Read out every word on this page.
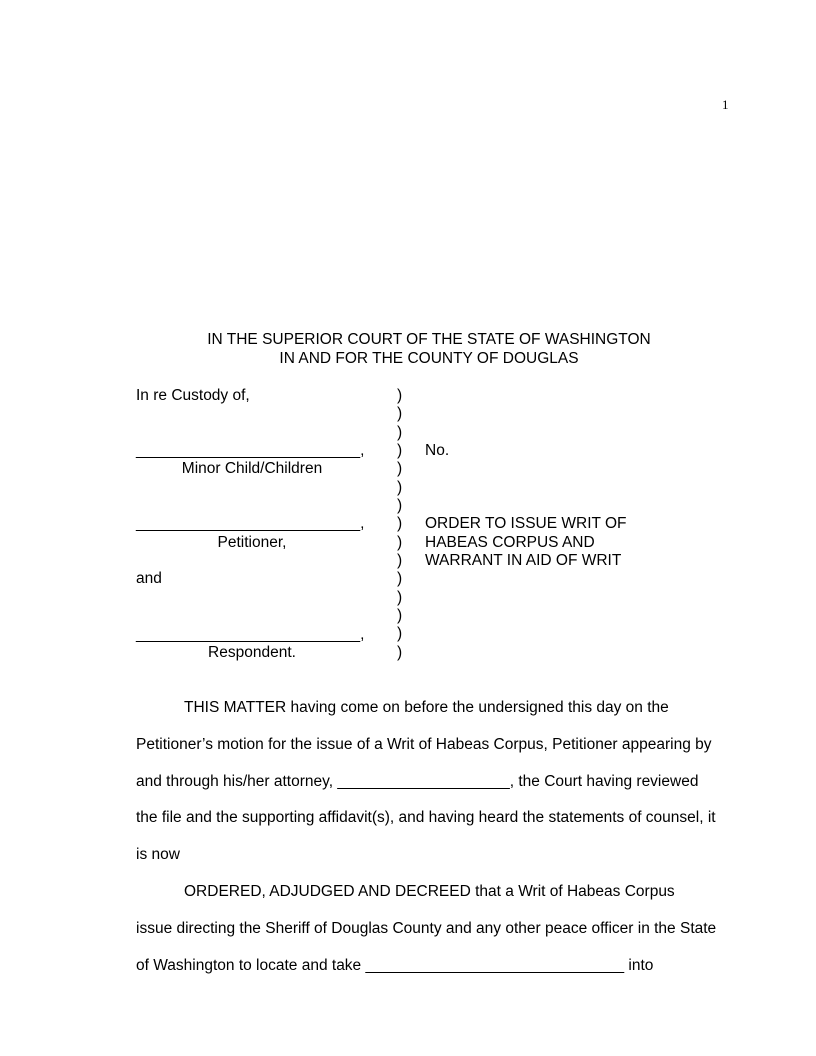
1
IN THE SUPERIOR COURT OF THE STATE OF WASHINGTON
IN AND FOR THE COUNTY OF DOUGLAS
In re Custody of,
__________________________,
Minor Child/Children
__________________________,
Petitioner,
and
__________________________,
Respondent.
)
)
)
)
)
)
)
)
)
)
)
)
)
)
)
No.
ORDER TO ISSUE WRIT OF
HABEAS CORPUS AND
WARRANT IN AID OF WRIT
THIS MATTER having come on before the undersigned this day on the
Petitioner’s motion for the issue of a Writ of Habeas Corpus, Petitioner appearing by
and through his/her attorney, ____________________, the Court having reviewed
the file and the supporting affidavit(s), and having heard the statements of counsel, it
is now
ORDERED, ADJUDGED AND DECREED that a Writ of Habeas Corpus
issue directing the Sheriff of Douglas County and any other peace officer in the State
of Washington to locate and take ______________________________ into
